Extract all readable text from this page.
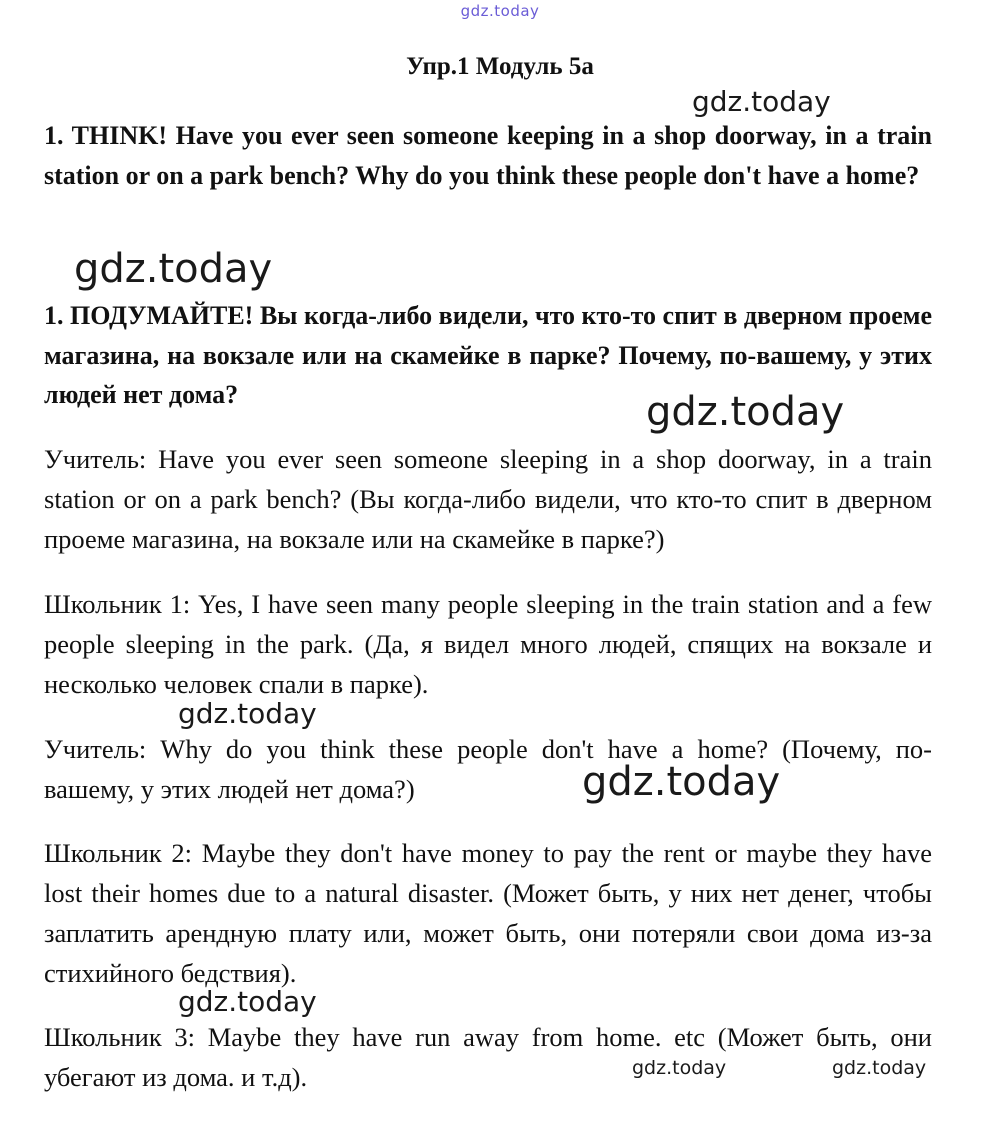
gdz.today
Упр.1 Модуль 5а
1. THINK! Have you ever seen someone keeping in a shop doorway, in a train station or on a park bench? Why do you think these people don't have a home?
1. ПОДУМАЙТЕ! Вы когда-либо видели, что кто-то спит в дверном проеме магазина, на вокзале или на скамейке в парке? Почему, по-вашему, у этих людей нет дома?
Учитель: Have you ever seen someone sleeping in a shop doorway, in a train station or on a park bench? (Вы когда-либо видели, что кто-то спит в дверном проеме магазина, на вокзале или на скамейке в парке?)
Школьник 1: Yes, I have seen many people sleeping in the train station and a few people sleeping in the park. (Да, я видел много людей, спящих на вокзале и несколько человек спали в парке).
Учитель: Why do you think these people don't have a home? (Почему, по-вашему, у этих людей нет дома?)
Школьник 2: Maybe they don't have money to pay the rent or maybe they have lost their homes due to a natural disaster. (Может быть, у них нет денег, чтобы заплатить арендную плату или, может быть, они потеряли свои дома из-за стихийного бедствия).
Школьник 3: Maybe they have run away from home. etc (Может быть, они убегают из дома. и т.д).
gdz.today
gdz.today
gdz.today
gdz.today
gdz.today
gdz.today
gdz.today	gdz.today
